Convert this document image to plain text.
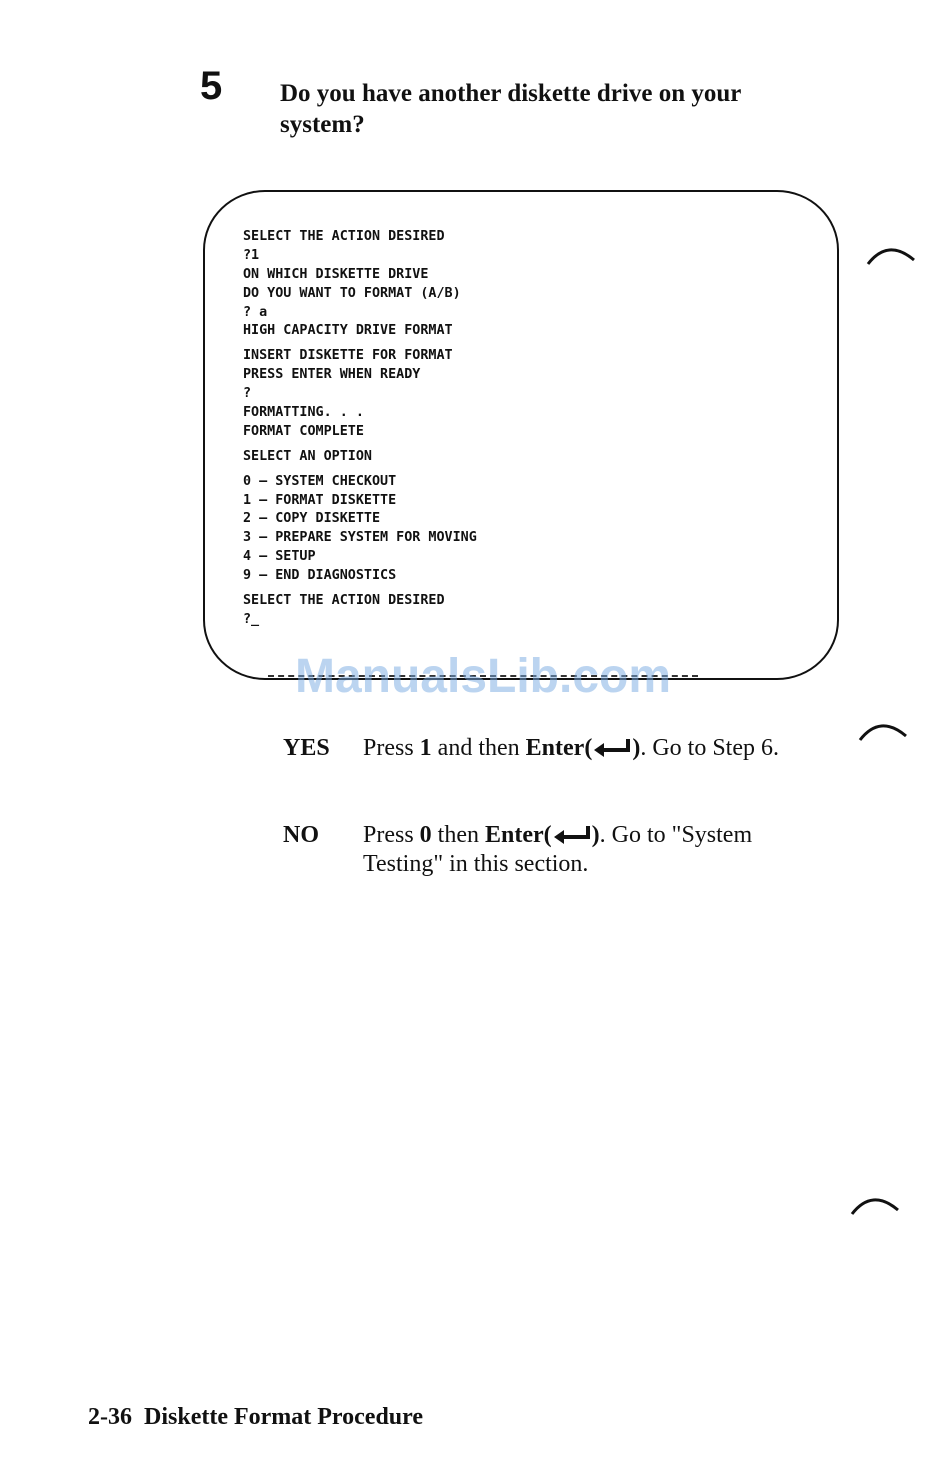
5 Do you have another diskette drive on your system?
SELECT THE ACTION DESIRED
?1
ON WHICH DISKETTE DRIVE
DO YOU WANT TO FORMAT (A/B)
? a
HIGH CAPACITY DRIVE FORMAT
INSERT DISKETTE FOR FORMAT
PRESS ENTER WHEN READY
?
FORMATTING. . .
FORMAT COMPLETE
SELECT AN OPTION
0 – SYSTEM CHECKOUT
1 – FORMAT DISKETTE
2 – COPY DISKETTE
3 – PREPARE SYSTEM FOR MOVING
4 – SETUP
9 – END DIAGNOSTICS
SELECT THE ACTION DESIRED
?_
ManualsLib.com
YES Press 1 and then Enter( ). Go to Step 6.
NO Press 0 then Enter( ). Go to "System Testing" in this section.
2-36 Diskette Format Procedure
